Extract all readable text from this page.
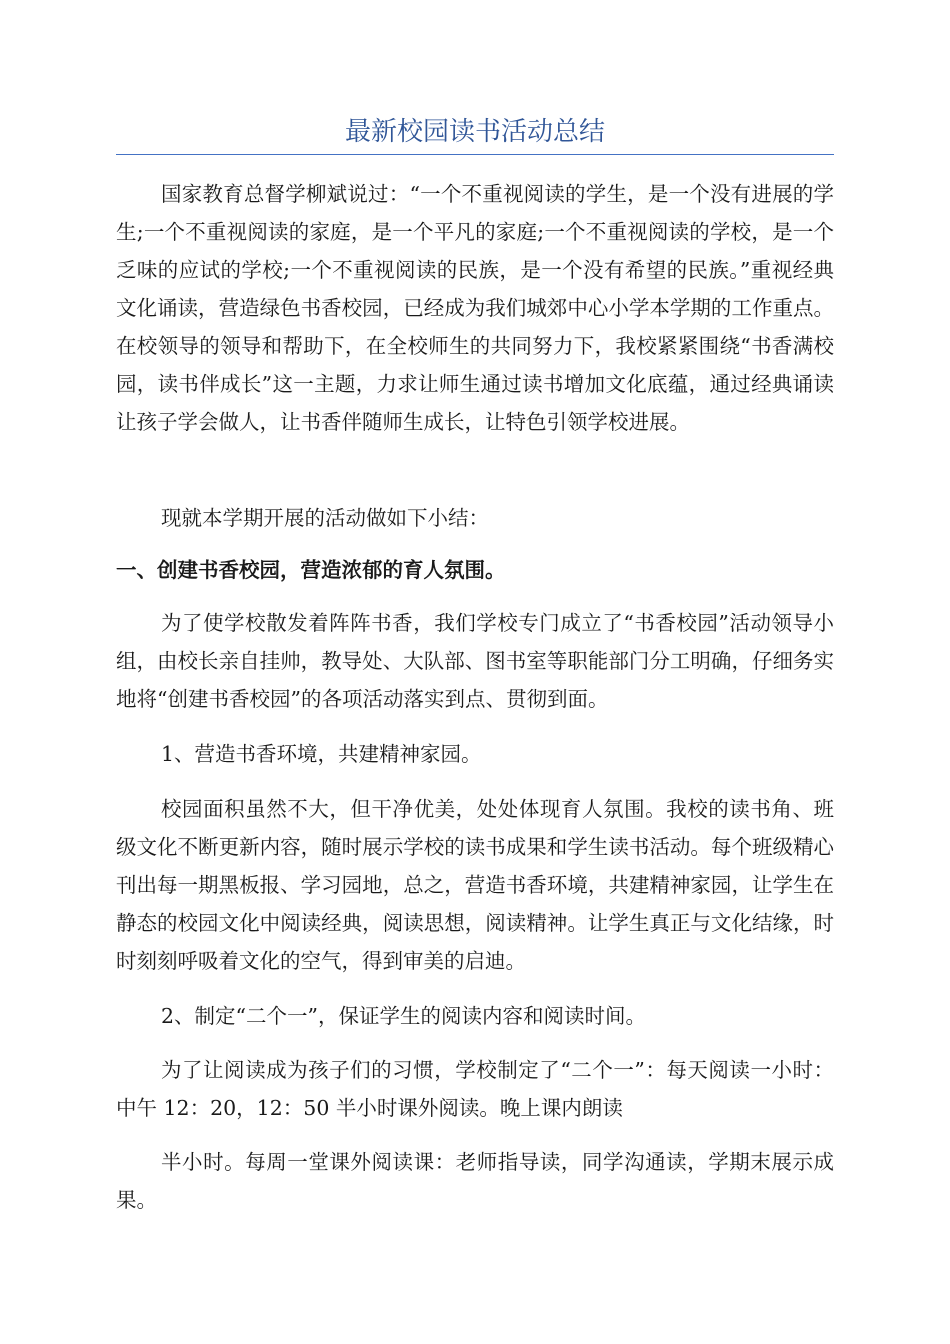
最新校园读书活动总结

国家教育总督学柳斌说过：“一个不重视阅读的学生，是一个没有进展的学生;一个不重视阅读的家庭，是一个平凡的家庭;一个不重视阅读的学校，是一个乏味的应试的学校;一个不重视阅读的民族，是一个没有希望的民族。”重视经典文化诵读，营造绿色书香校园，已经成为我们城郊中心小学本学期的工作重点。在校领导的领导和帮助下，在全校师生的共同努力下，我校紧紧围绕“书香满校园，读书伴成长”这一主题，力求让师生通过读书增加文化底蕴，通过经典诵读让孩子学会做人，让书香伴随师生成长，让特色引领学校进展。

现就本学期开展的活动做如下小结：

一、创建书香校园，营造浓郁的育人氛围。

为了使学校散发着阵阵书香，我们学校专门成立了“书香校园”活动领导小组，由校长亲自挂帅，教导处、大队部、图书室等职能部门分工明确，仔细务实地将“创建书香校园”的各项活动落实到点、贯彻到面。

1、营造书香环境，共建精神家园。

校园面积虽然不大，但干净优美，处处体现育人氛围。我校的读书角、班级文化不断更新内容，随时展示学校的读书成果和学生读书活动。每个班级精心刊出每一期黑板报、学习园地，总之，营造书香环境，共建精神家园，让学生在静态的校园文化中阅读经典，阅读思想，阅读精神。让学生真正与文化结缘，时时刻刻呼吸着文化的空气，得到审美的启迪。

2、制定“二个一”，保证学生的阅读内容和阅读时间。

为了让阅读成为孩子们的习惯，学校制定了“二个一”：每天阅读一小时：中午 12：20，12：50 半小时课外阅读。晚上课内朗读

半小时。每周一堂课外阅读课：老师指导读，同学沟通读，学期末展示成果。
